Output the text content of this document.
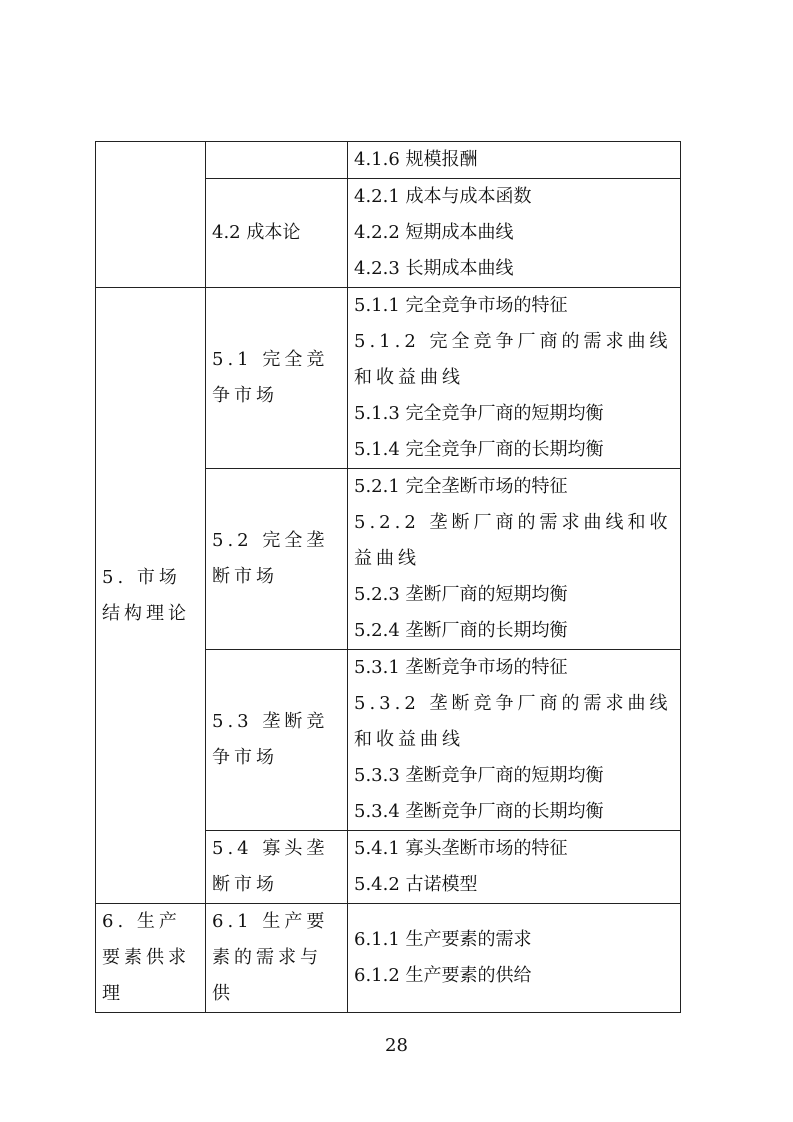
		4.1.6 规模报酬

	4.2 成本论	4.2.1 成本与成本函数
4.2.2 短期成本曲线
4.2.3 长期成本曲线

5. 市场结构理论	5.1 完全竞争市场	5.1.1 完全竞争市场的特征
5.1.2 完全竞争厂商的需求曲线和收益曲线
5.1.3 完全竞争厂商的短期均衡
5.1.4 完全竞争厂商的长期均衡

	5.2 完全垄断市场	5.2.1 完全垄断市场的特征
5.2.2 垄断厂商的需求曲线和收益曲线
5.2.3 垄断厂商的短期均衡
5.2.4 垄断厂商的长期均衡

	5.3 垄断竞争市场	5.3.1 垄断竞争市场的特征
5.3.2 垄断竞争厂商的需求曲线和收益曲线
5.3.3 垄断竞争厂商的短期均衡
5.3.4 垄断竞争厂商的长期均衡

	5.4 寡头垄断市场	5.4.1 寡头垄断市场的特征
5.4.2 古诺模型

6. 生产要素供求理	6.1 生产要素的需求与供	6.1.1 生产要素的需求
6.1.2 生产要素的供给
28
